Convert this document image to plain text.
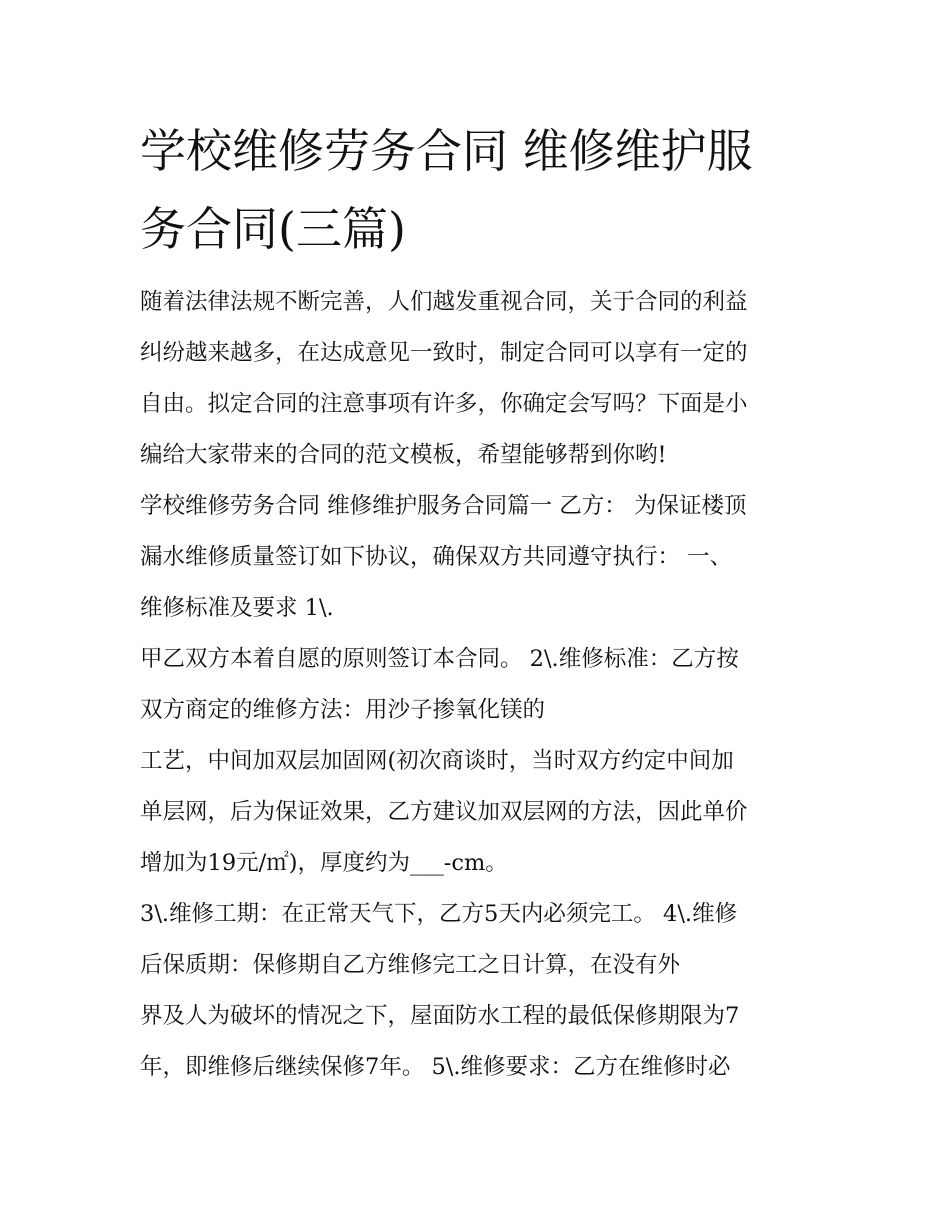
学校维修劳务合同 维修维护服
务合同(三篇)
随着法律法规不断完善，人们越发重视合同，关于合同的利益
纠纷越来越多，在达成意见一致时，制定合同可以享有一定的
自由。拟定合同的注意事项有许多，你确定会写吗？下面是小
编给大家带来的合同的范文模板，希望能够帮到你哟!
学校维修劳务合同 维修维护服务合同篇一 乙方： 为保证楼顶
漏水维修质量签订如下协议，确保双方共同遵守执行： 一、
维修标准及要求 1\.
甲乙双方本着自愿的原则签订本合同。 2\.维修标准：乙方按
双方商定的维修方法：用沙子掺氧化镁的
工艺，中间加双层加固网(初次商谈时，当时双方约定中间加
单层网，后为保证效果，乙方建议加双层网的方法，因此单价
增加为19元/㎡)，厚度约为___-cm。
3\.维修工期：在正常天气下，乙方5天内必须完工。 4\.维修
后保质期：保修期自乙方维修完工之日计算，在没有外
界及人为破坏的情况之下，屋面防水工程的最低保修期限为7
年，即维修后继续保修7年。 5\.维修要求：乙方在维修时必
